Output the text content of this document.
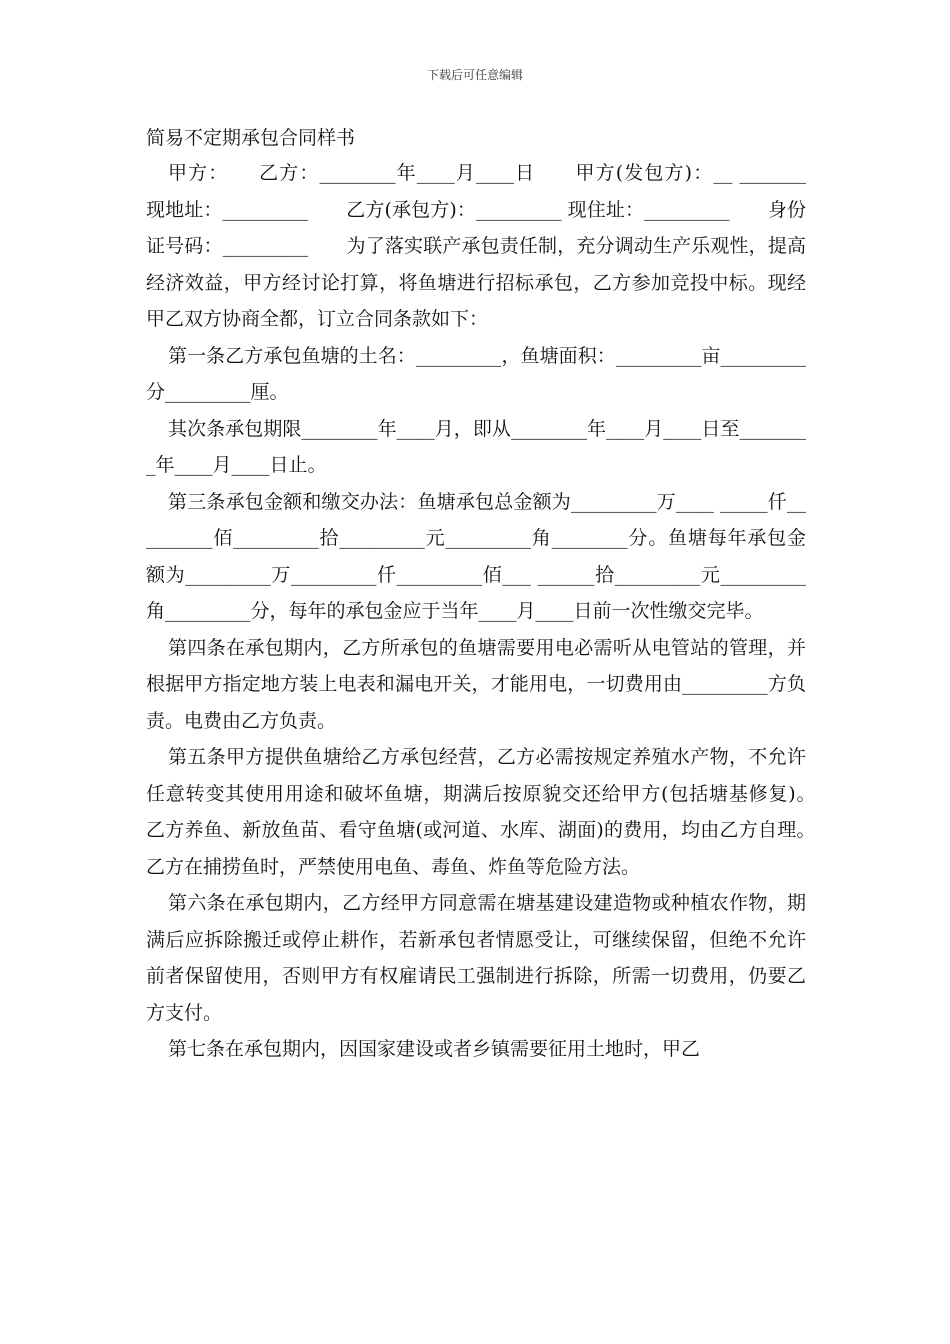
下载后可任意编辑
简易不定期承包合同样书

甲方：　　乙方：________年____月____日　　甲方(发包方)：__ _______　　现地址：_________　　乙方(承包方)：_________ 现住址：_________　　身份证号码：_________　　为了落实联产承包责任制，充分调动生产乐观性，提高经济效益，甲方经讨论打算，将鱼塘进行招标承包，乙方参加竞投中标。现经甲乙双方协商全都，订立合同条款如下：

第一条乙方承包鱼塘的土名：_________，鱼塘面积：_________亩_________分_________厘。

其次条承包期限________年____月，即从________年____月____日至________年____月____日止。

第三条承包金额和缴交办法：鱼塘承包总金额为_________万____ _____仟_________佰_________拾_________元_________角________分。鱼塘每年承包金额为_________万_________仟_________佰___ ______拾_________元_________角_________分，每年的承包金应于当年____月____日前一次性缴交完毕。

第四条在承包期内，乙方所承包的鱼塘需要用电必需听从电管站的管理，并根据甲方指定地方装上电表和漏电开关，才能用电，一切费用由_________方负责。电费由乙方负责。

第五条甲方提供鱼塘给乙方承包经营，乙方必需按规定养殖水产物，不允许任意转变其使用用途和破坏鱼塘，期满后按原貌交还给甲方(包括塘基修复)。　　乙方养鱼、新放鱼苗、看守鱼塘(或河道、水库、湖面)的费用，均由乙方自理。　　乙方在捕捞鱼时，严禁使用电鱼、毒鱼、炸鱼等危险方法。

第六条在承包期内，乙方经甲方同意需在塘基建设建造物或种植农作物，期满后应拆除搬迁或停止耕作，若新承包者情愿受让，可继续保留，但绝不允许前者保留使用，否则甲方有权雇请民工强制进行拆除，所需一切费用，仍要乙方支付。

第七条在承包期内，因国家建设或者乡镇需要征用土地时，甲乙
